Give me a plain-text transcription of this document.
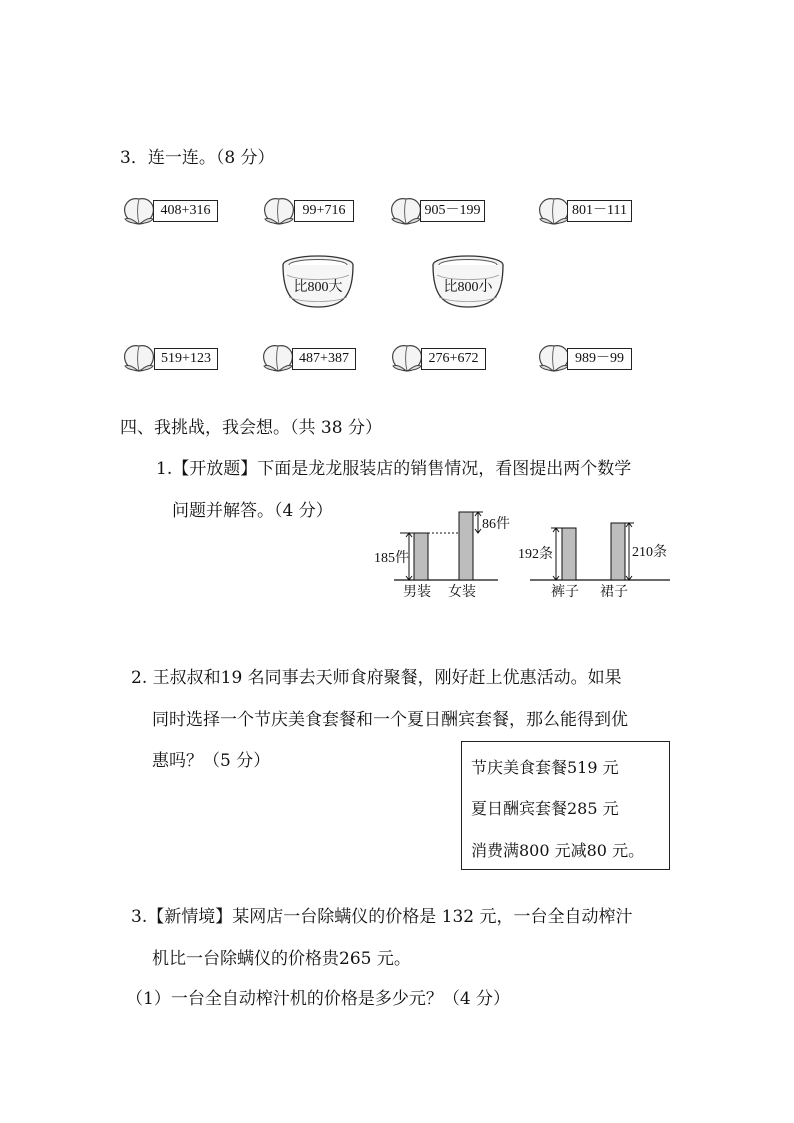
3．连一连。（8 分）
408+316	99+716	905－199	801－111
比800大	比800小
519+123	487+387	276+672	989－99
四、我挑战，我会想。（共 38 分）
1.【开放题】下面是龙龙服装店的销售情况，看图提出两个数学
问题并解答。（4 分）
185件
86件
男装 女装
192条	210条
裤子 裙子
2. 王叔叔和19 名同事去天师食府聚餐，刚好赶上优惠活动。如果
同时选择一个节庆美食套餐和一个夏日酬宾套餐，那么能得到优
惠吗？（5 分）	节庆美食套餐519 元
夏日酬宾套餐285 元
消费满800 元减80 元。
3.【新情境】某网店一台除螨仪的价格是 132 元，一台全自动榨汁
机比一台除螨仪的价格贵265 元。
（1）一台全自动榨汁机的价格是多少元？（4 分）
